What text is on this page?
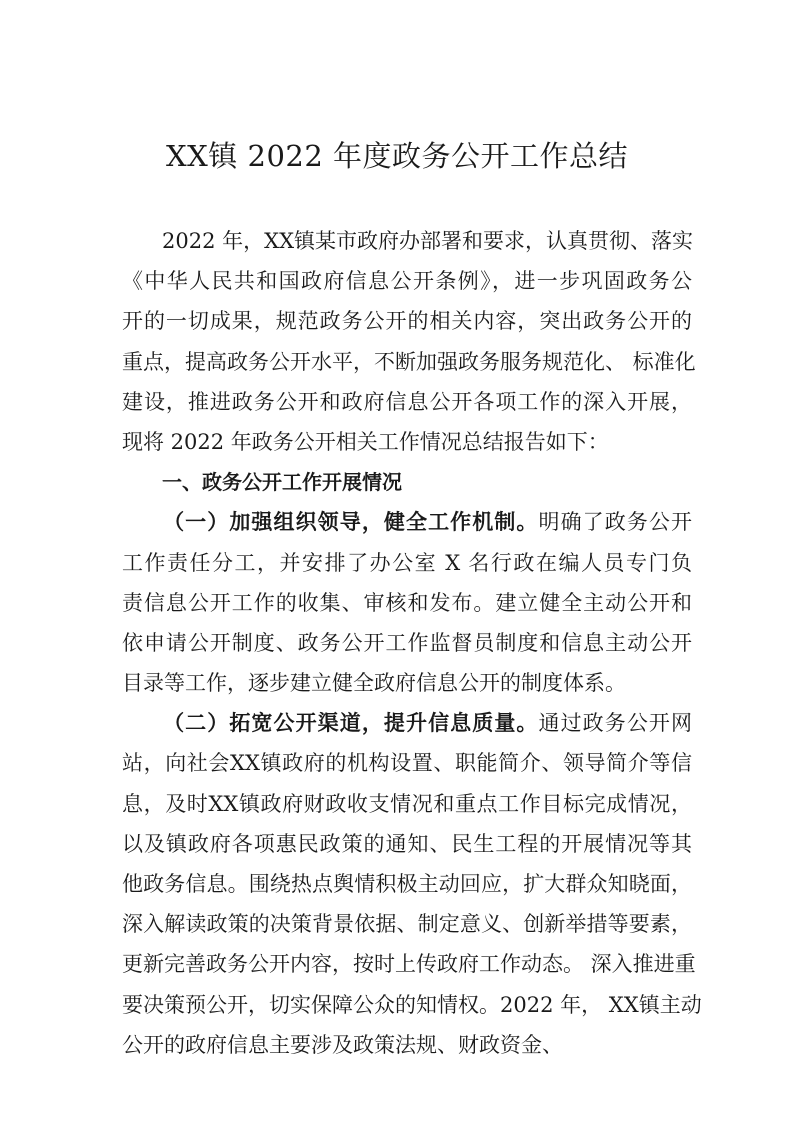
XX镇 2022 年度政务公开工作总结
2022 年，XX镇某市政府办部署和要求，认真贯彻、落实
《中华人民共和国政府信息公开条例》，进一步巩固政务公
开的一切成果，规范政务公开的相关内容，突出政务公开的
重点，提高政务公开水平，不断加强政务服务规范化、 标准化
建设，推进政务公开和政府信息公开各项工作的深入开展，
现将 2022 年政务公开相关工作情况总结报告如下：
一、政务公开工作开展情况
（一）加强组织领导，健全工作机制。明确了政务公开
工作责任分工，并安排了办公室 X 名行政在编人员专门负
责信息公开工作的收集、审核和发布。建立健全主动公开和
依申请公开制度、政务公开工作监督员制度和信息主动公开
目录等工作，逐步建立健全政府信息公开的制度体系。
（二）拓宽公开渠道，提升信息质量。通过政务公开网
站，向社会XX镇政府的机构设置、职能简介、领导简介等信
息，及时XX镇政府财政收支情况和重点工作目标完成情况，
以及镇政府各项惠民政策的通知、民生工程的开展情况等其
他政务信息。围绕热点舆情积极主动回应，扩大群众知晓面，
深入解读政策的决策背景依据、制定意义、创新举措等要素，
更新完善政务公开内容，按时上传政府工作动态。 深入推进重
要决策预公开，切实保障公众的知情权。2022 年， XX镇主动
公开的政府信息主要涉及政策法规、财政资金、
